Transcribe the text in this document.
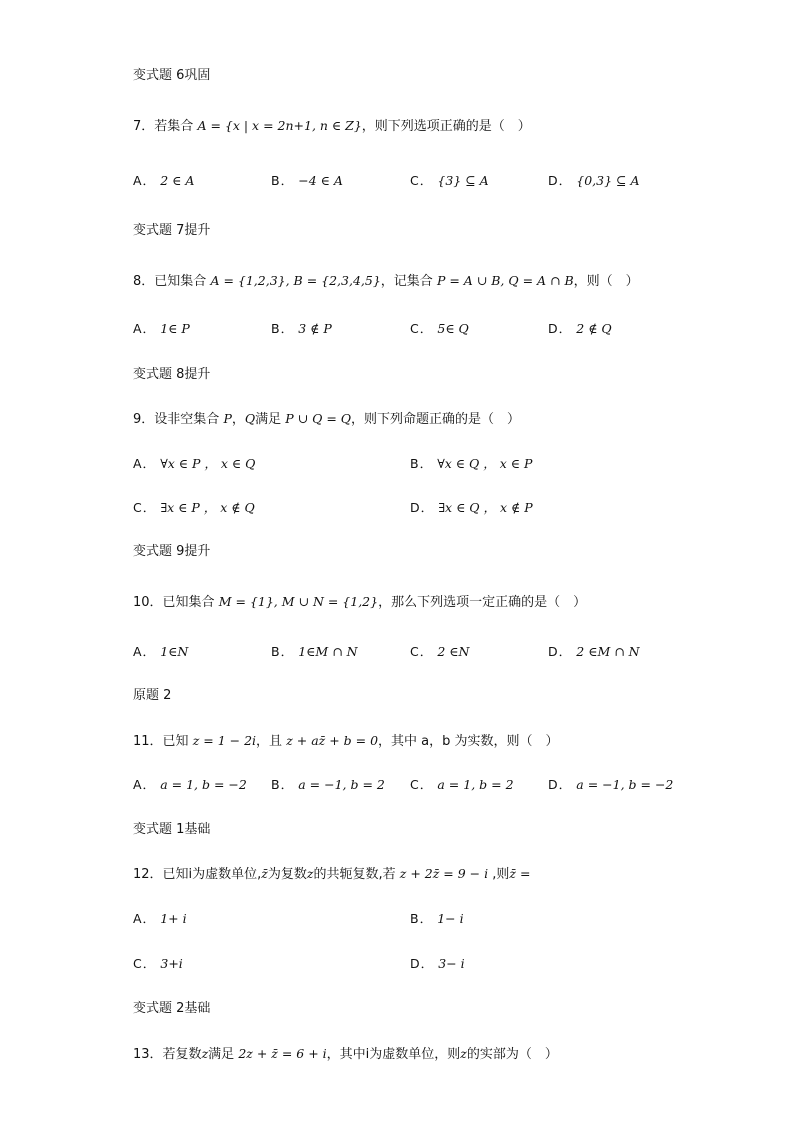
变式题 6巩固
7．若集合 A = {x | x = 2n+1, n ∈ Z}，则下列选项正确的是（　）
A． 2 ∈ A	B． −4 ∈ A	C． {3} ⊆ A	D． {0,3} ⊆ A
变式题 7提升
8．已知集合 A = {1,2,3}, B = {2,3,4,5}，记集合 P = A ∪ B, Q = A ∩ B，则（　）
A． 1∈ P	B． 3 ∉ P	C． 5∈ Q	D． 2 ∉ Q
变式题 8提升
9．设非空集合 P，Q满足 P ∪ Q = Q，则下列命题正确的是（　）
A． ∀x ∈ P ， x ∈ Q	B． ∀x ∈ Q ， x ∈ P
C． ∃x ∈ P ， x ∉ Q	D． ∃x ∈ Q ， x ∉ P
变式题 9提升
10．已知集合 M = {1}, M ∪ N = {1,2}，那么下列选项一定正确的是（　）
A． 1∈N	B． 1∈M ∩ N	C． 2 ∈N	D． 2 ∈M ∩ N
原题 2
11．已知 z = 1 − 2i，且 z + az̄ + b = 0，其中 a，b 为实数，则（　）
A． a = 1, b = −2 B． a = −1, b = 2 C． a = 1, b = 2	D． a = −1, b = −2
变式题 1基础
12．已知i为虚数单位,z̄为复数z的共轭复数,若 z + 2z̄ = 9 − i ,则z̄ =
A． 1+ i	B． 1− i
C． 3+i	D． 3− i
变式题 2基础
13．若复数z满足 2z + z̄ = 6 + i，其中i为虚数单位，则z的实部为（　）
